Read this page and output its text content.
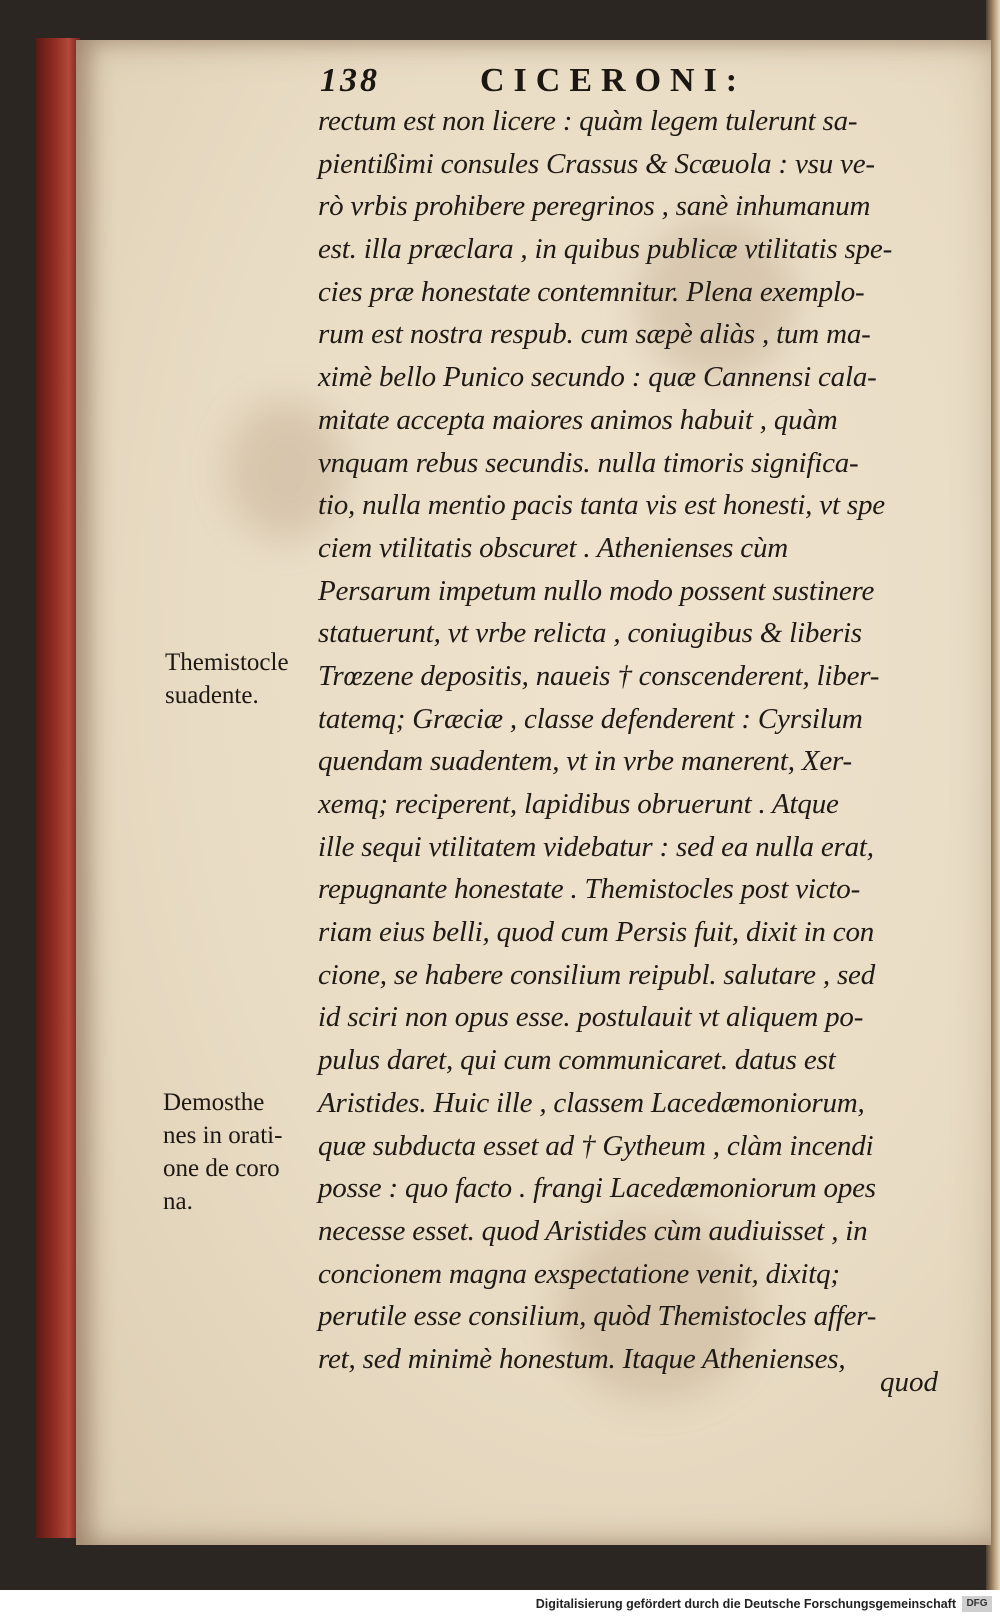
138	CICERONI:
rectum est non licere : quàm legem tulerunt sa-
pientißimi consules Crassus & Scæuola : vsu ve-
rò vrbis prohibere peregrinos , sanè inhumanum
est. illa præclara , in quibus publicæ vtilitatis spe-
cies præ honestate contemnitur. Plena exemplo-
rum est nostra respub. cum sæpè aliàs , tum ma-
ximè bello Punico secundo : quæ Cannensi cala-
mitate accepta maiores animos habuit , quàm
vnquam rebus secundis. nulla timoris significa-
tio, nulla mentio pacis tanta vis est honesti, vt spe
ciem vtilitatis obscuret . Athenienses cùm
Persarum impetum nullo modo possent sustinere
statuerunt, vt vrbe relicta , coniugibus & liberis
Trœzene depositis, naueis † conscenderent, liber-
tatemq; Græciæ , classe defenderent : Cyrsilum
quendam suadentem, vt in vrbe manerent, Xer-
xemq; reciperent, lapidibus obruerunt . Atque
ille sequi vtilitatem videbatur : sed ea nulla erat,
repugnante honestate . Themistocles post victo-
riam eius belli, quod cum Persis fuit, dixit in con
cione, se habere consilium reipubl. salutare , sed
id sciri non opus esse. postulauit vt aliquem po-
pulus daret, qui cum communicaret. datus est
Aristides. Huic ille , classem Lacedæmoniorum,
quæ subducta esset ad † Gytheum , clàm incendi
posse : quo facto . frangi Lacedæmoniorum opes
necesse esset. quod Aristides cùm audiuisset , in
concionem magna exspectatione venit, dixitq;
perutile esse consilium, quòd Themistocles affer-
ret, sed minimè honestum. Itaque Athenienses,
quod
Themistocle
suadente.
Demosthe
nes in orati-
one de coro
na.
Digitalisierung gefördert durch die Deutsche Forschungsgemeinschaft	DFG
